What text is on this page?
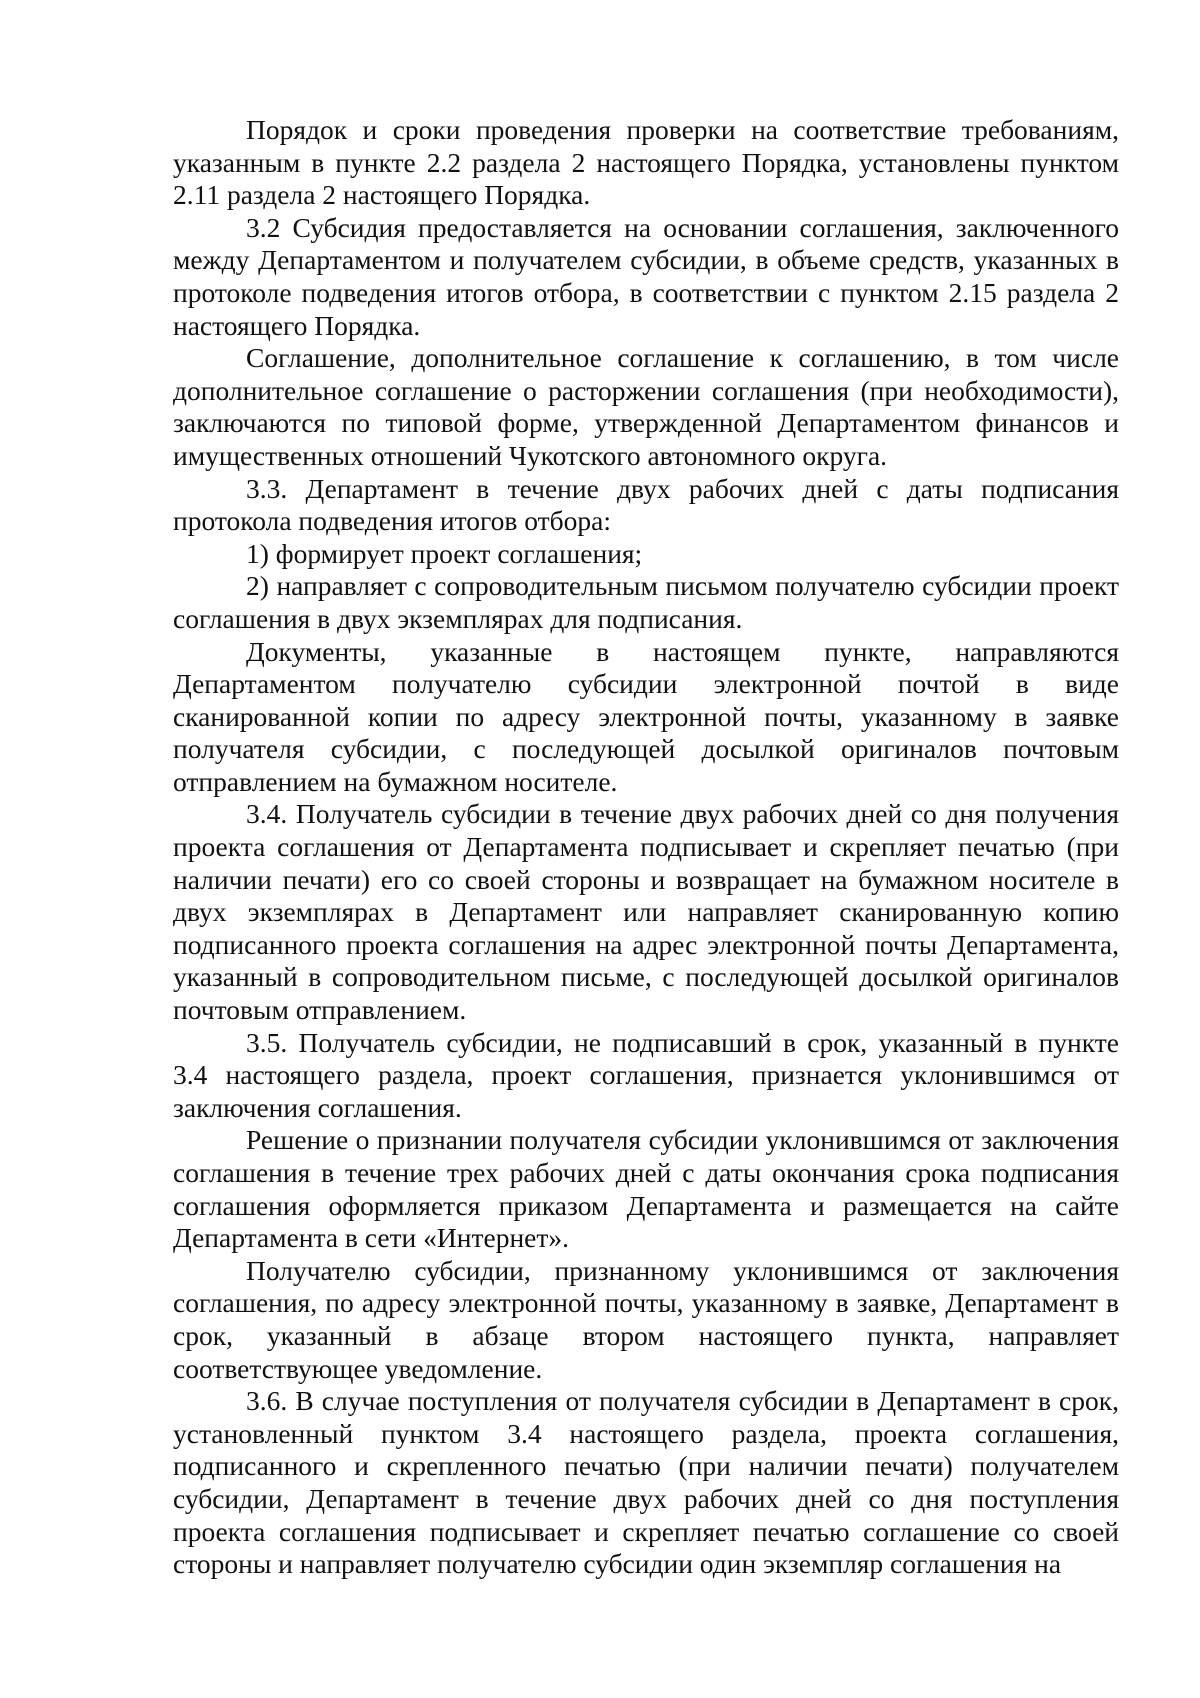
Порядок и сроки проведения проверки на соответствие требованиям, указанным в пункте 2.2 раздела 2 настоящего Порядка, установлены пунктом 2.11 раздела 2 настоящего Порядка.

3.2 Субсидия предоставляется на основании соглашения, заключенного между Департаментом и получателем субсидии, в объеме средств, указанных в протоколе подведения итогов отбора, в соответствии с пунктом 2.15 раздела 2 настоящего Порядка.

Соглашение, дополнительное соглашение к соглашению, в том числе дополнительное соглашение о расторжении соглашения (при необходимости), заключаются по типовой форме, утвержденной Департаментом финансов и имущественных отношений Чукотского автономного округа.

3.3. Департамент в течение двух рабочих дней с даты подписания протокола подведения итогов отбора:

1) формирует проект соглашения;

2) направляет с сопроводительным письмом получателю субсидии проект соглашения в двух экземплярах для подписания.

Документы, указанные в настоящем пункте, направляются Департаментом получателю субсидии электронной почтой в виде сканированной копии по адресу электронной почты, указанному в заявке получателя субсидии, с последующей досылкой оригиналов почтовым отправлением на бумажном носителе.

3.4. Получатель субсидии в течение двух рабочих дней со дня получения проекта соглашения от Департамента подписывает и скрепляет печатью (при наличии печати) его со своей стороны и возвращает на бумажном носителе в двух экземплярах в Департамент или направляет сканированную копию подписанного проекта соглашения на адрес электронной почты Департамента, указанный в сопроводительном письме, с последующей досылкой оригиналов почтовым отправлением.

3.5. Получатель субсидии, не подписавший в срок, указанный в пункте 3.4 настоящего раздела, проект соглашения, признается уклонившимся от заключения соглашения.

Решение о признании получателя субсидии уклонившимся от заключения соглашения в течение трех рабочих дней с даты окончания срока подписания соглашения оформляется приказом Департамента и размещается на сайте Департамента в сети «Интернет».

Получателю субсидии, признанному уклонившимся от заключения соглашения, по адресу электронной почты, указанному в заявке, Департамент в срок, указанный в абзаце втором настоящего пункта, направляет соответствующее уведомление.

3.6. В случае поступления от получателя субсидии в Департамент в срок, установленный пунктом 3.4 настоящего раздела, проекта соглашения, подписанного и скрепленного печатью (при наличии печати) получателем субсидии, Департамент в течение двух рабочих дней со дня поступления проекта соглашения подписывает и скрепляет печатью соглашение со своей стороны и направляет получателю субсидии один экземпляр соглашения на
